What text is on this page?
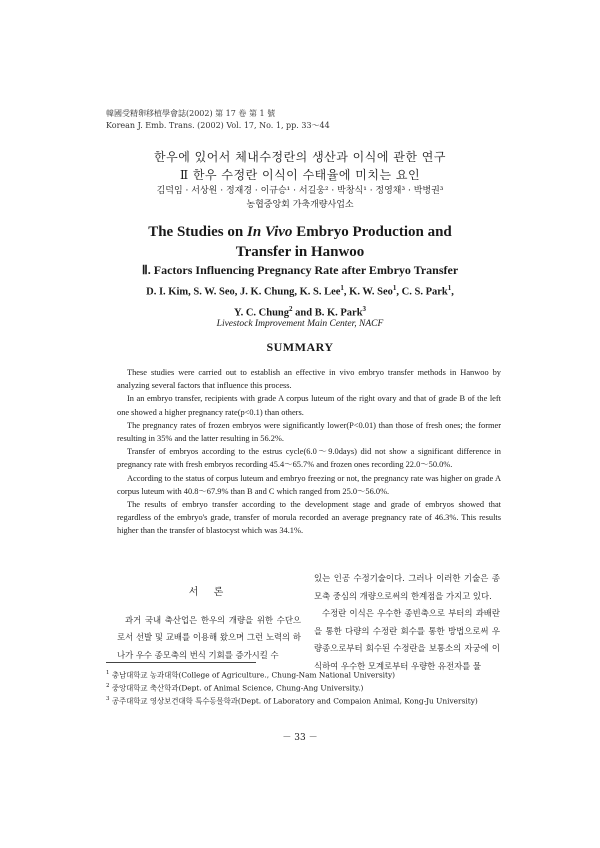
韓國受精卵移植學會誌(2002) 第 17 卷 第 1 號
Korean J. Emb. Trans. (2002) Vol. 17, No. 1, pp. 33～44
한우에 있어서 체내수정란의 생산과 이식에 관한 연구
Ⅱ 한우 수정란 이식이 수태율에 미치는 요인
김덕임 · 서상원 · 정재경 · 이규승¹ · 서길웅² · 박창식¹ · 정영채³ · 박병권³
농협중앙회 가축개량사업소
The Studies on In Vivo Embryo Production and
Transfer in Hanwoo
Ⅱ. Factors Influencing Pregnancy Rate after Embryo Transfer
D. I. Kim, S. W. Seo, J. K. Chung, K. S. Lee$^1$, K. W. Seo$^1$, C. S. Park$^1$,
Y. C. Chung$^2$ and B. K. Park$^3$
Livestock Improvement Main Center, NACF
SUMMARY

These studies were carried out to establish an effective in vivo embryo transfer methods in Hanwoo by analyzing several factors that influence this process.

In an embryo transfer, recipients with grade A corpus luteum of the right ovary and that of grade B of the left one showed a higher pregnancy rate(p<0.1) than others.

The pregnancy rates of frozen embryos were significantly lower(P<0.01) than those of fresh ones; the former resulting in 35% and the latter resulting in 56.2%.

Transfer of embryos according to the estrus cycle(6.0～9.0days) did not show a significant difference in pregnancy rate with fresh embryos recording 45.4～65.7% and frozen ones recording 22.0～50.0%.

According to the status of corpus luteum and embryo freezing or not, the pregnancy rate was higher on grade A corpus luteum with 40.8～67.9% than B and C which ranged from 25.0～56.0%.

The results of embryo transfer according to the development stage and grade of embryos showed that regardless of the embryo's grade, transfer of morula recorded an average pregnancy rate of 46.3%. This results higher than the transfer of blastocyst which was 34.1%.

서 론

과거 국내 축산업은 한우의 개량을 위한 수단으로서 선발 및 교배를 이용해 왔으며 그런 노력의 하나가 우수 종모축의 번식 기회를 증가시킬 수

있는 인공 수정기술이다. 그러나 이러한 기술은 종모축 중심의 개량으로써의 한계점을 가지고 있다.

수정란 이식은 우수한 종빈축으로 부터의 과배란을 통한 다량의 수정란 회수를 통한 방법으로써 우량종으로부터 회수된 수정란을 보통소의 자궁에 이식하여 우수한 모계로부터 우량한 유전자를 물

$^1$ 충남대학교 농과대학(College of Agriculture., Chung-Nam National University)
$^2$ 중앙대학교 축산학과(Dept. of Animal Science, Chung-Ang University.)
$^3$ 공주대학교 영상보건대학 특수동물학과(Dept. of Laboratory and Compaion Animal, Kong-Ju University)
－ 33 －
